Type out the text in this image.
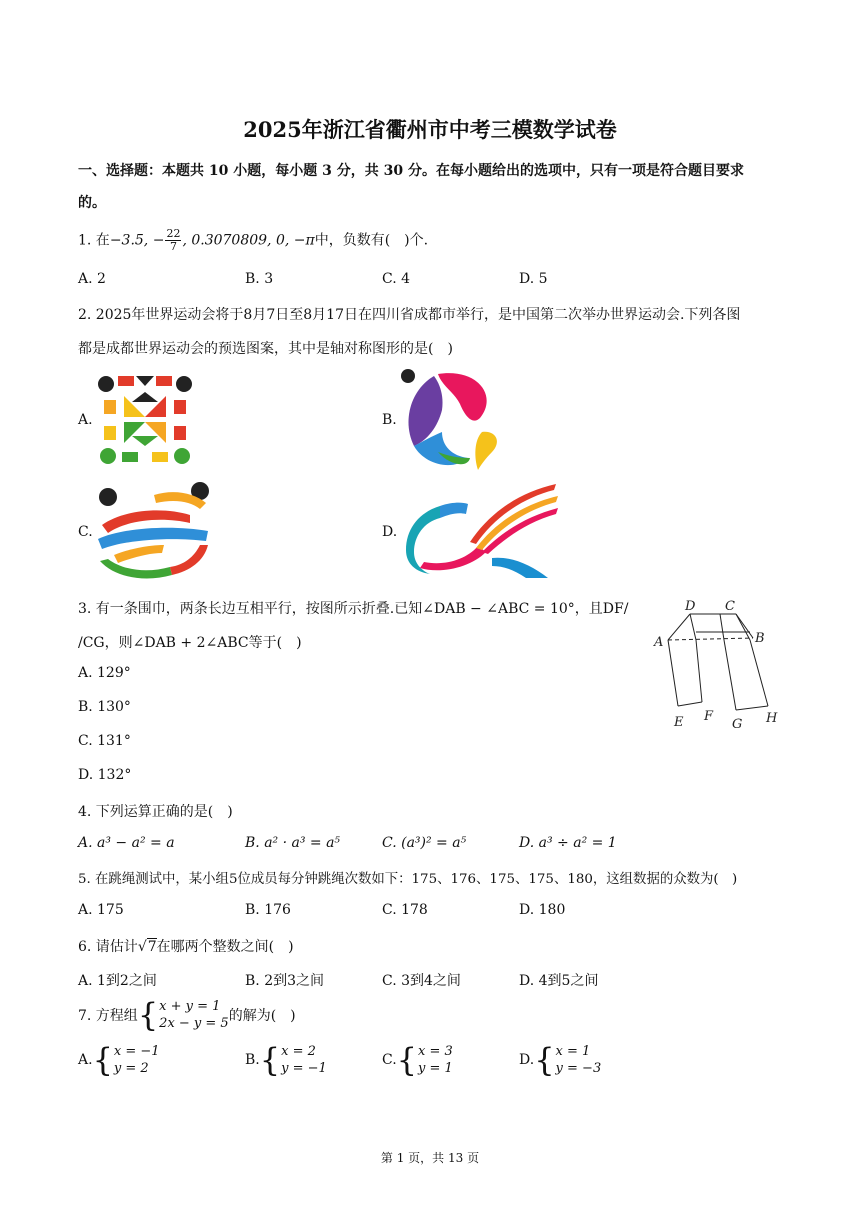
2025年浙江省衢州市中考三模数学试卷
一、选择题：本题共 10 小题，每小题 3 分，共 30 分。在每小题给出的选项中，只有一项是符合题目要求
的。
1. 在−3.5, − $\frac{22}{7}$ , 0.3070809, 0, −π中，负数有(　)个.
A. 2	B. 3	C. 4	D. 5
2. 2025年世界运动会将于8月7日至8月17日在四川省成都市举行，是中国第二次举办世界运动会.下列各图
都是成都世界运动会的预选图案，其中是轴对称图形的是(　)
A.	B.
C.	D.
3. 有一条围巾，两条长边互相平行，按图所示折叠.已知∠DAB − ∠ABC = 10°，且DF/
/CG，则∠DAB + 2∠ABC等于(　)
A. 129°
B. 130°
C. 131°
D. 132°
D C
A	B
E F
G H
4. 下列运算正确的是(　)
A. a³ − a² = a	B. a² · a³ = a⁵	C. (a³)² = a⁵	D. a³ ÷ a² = 1
5. 在跳绳测试中，某小组5位成员每分钟跳绳次数如下：175、176、175、175、180，这组数据的众数为(　)
A. 175	B. 176	C. 178	D. 180
6. 请估计√7在哪两个整数之间(　)
A. 1到2之间	B. 2到3之间	C. 3到4之间	D. 4到5之间
7. 方程组{ x + y = 1
2x − y = 5 的解为(　)
A.{ x = −1
y = 2
B.{ x = 2
y = −1
C.{ x = 3
y = 1
D.{ x = 1
y = −3
第 1 页，共 13 页
